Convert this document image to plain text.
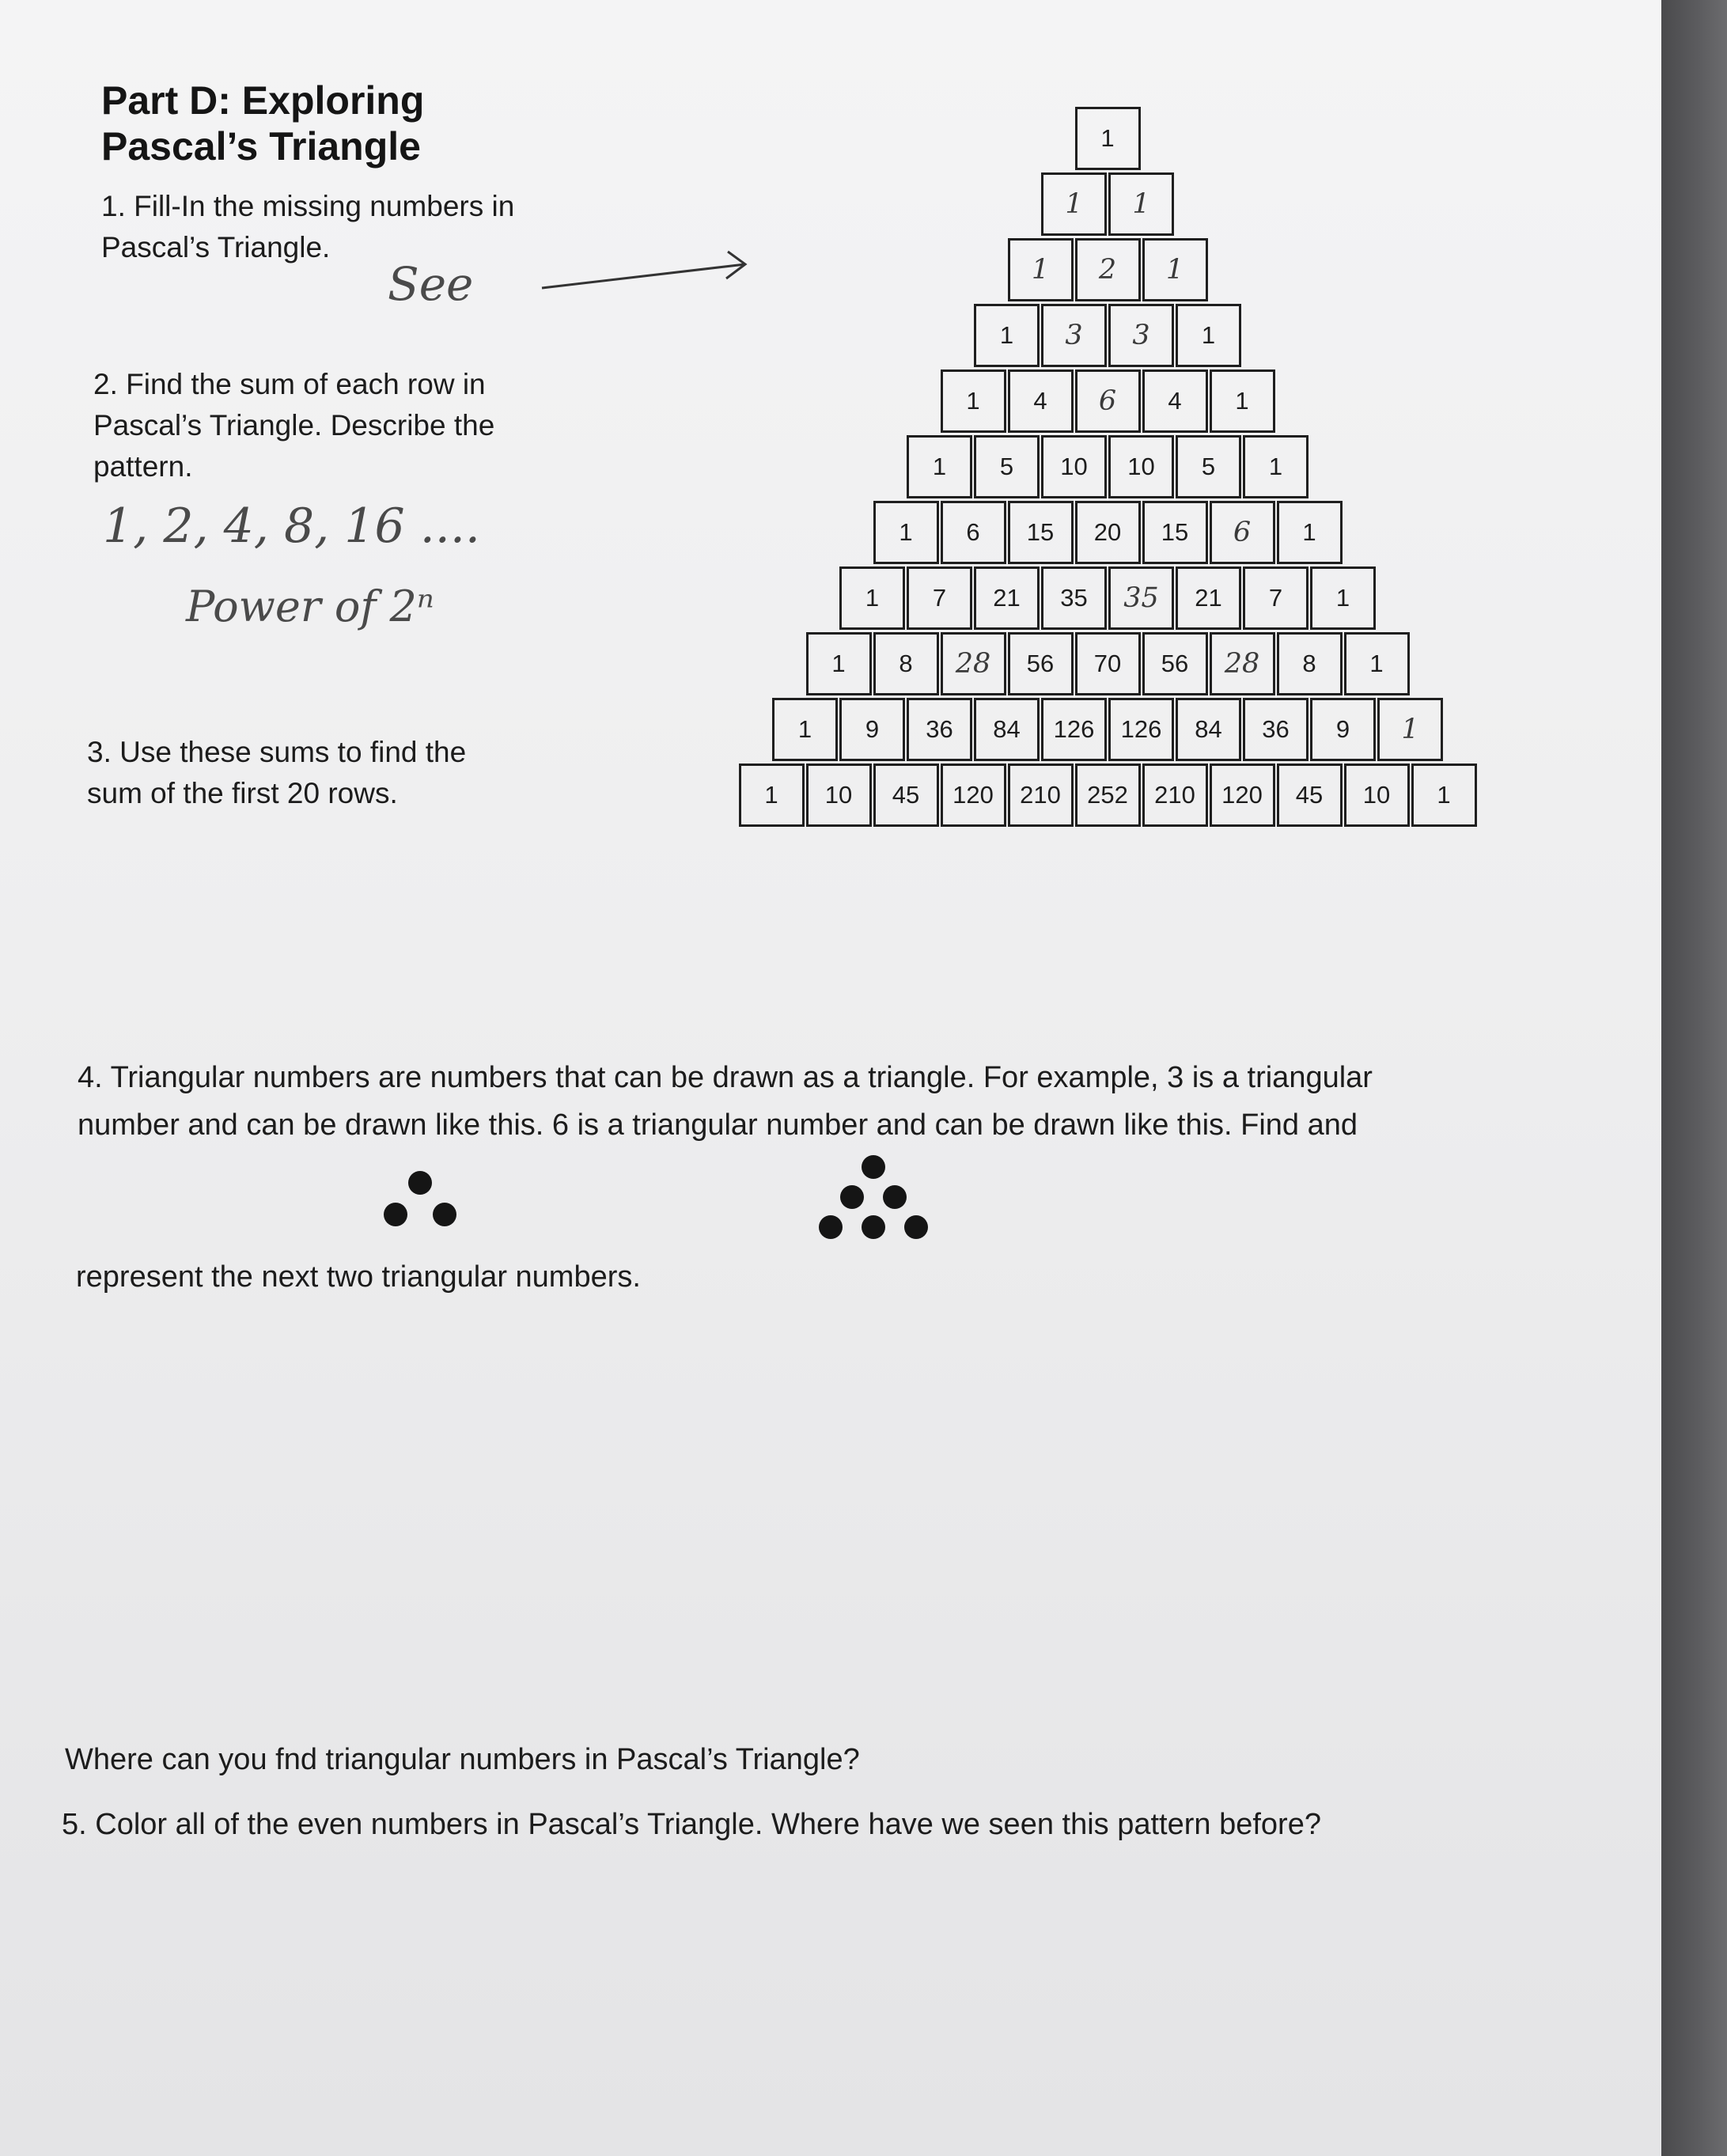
Part D: Exploring
Pascal’s Triangle
1. Fill-In the missing numbers in
Pascal’s Triangle.
See
2. Find the sum of each row in
Pascal’s Triangle. Describe the
pattern.
1, 2, 4, 8, 16 ....
Power of 2ⁿ
3. Use these sums to find the
sum of the first 20 rows.
1
1	1
1	2	1
1	3	3	1
1	4	6	4	1
1	5	10	10	5	1
1	6	15	20	15	6	1
1	7	21	35	35	21	7	1
1	8	28	56	70	56	28	8	1
1	9	36	84	126	126	84	36	9	1
1	10	45	120	210	252	210	120	45	10	1
4. Triangular numbers are numbers that can be drawn as a triangle. For example, 3 is a triangular
number and can be drawn like this. 6 is a triangular number and can be drawn like this. Find and
represent the next two triangular numbers.
Where can you fnd triangular numbers in Pascal’s Triangle?
5. Color all of the even numbers in Pascal’s Triangle. Where have we seen this pattern before?
